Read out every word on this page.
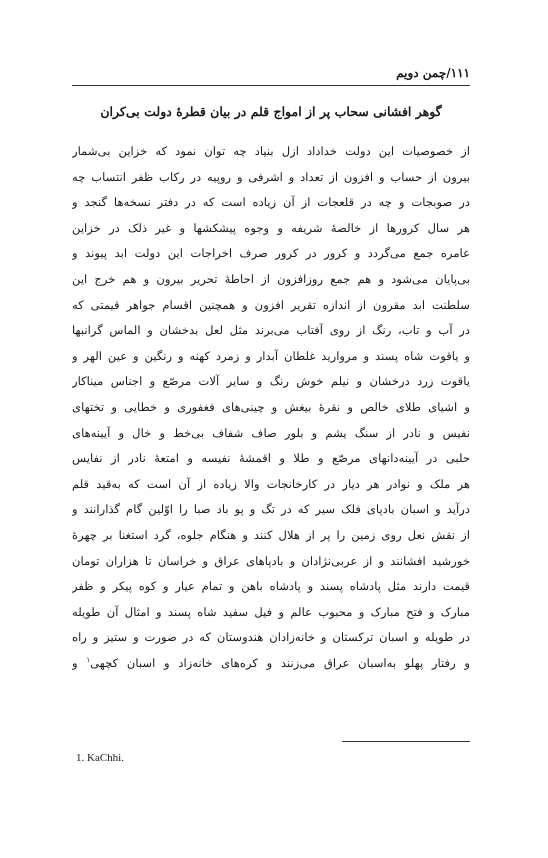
۱۱۱/چمن دویم
گوهر افشانی سحاب پر از امواج قلم در بیان قطرهٔ دولت بی‌کران
از خصوصیات این دولت خداداد ازل بنیاد چه توان نمود که خزاین بی‌شمار
بیرون از حساب و افزون از تعداد و اشرفی و روپیه در رکاب ظفر انتساب چه
در صوبجات و چه در قلعجات از آن زیاده است که در دفتر نسخه‌ها گنجد و
هر سال کرورها از خالصهٔ شریفه و وجوه پیشکشها و غیر ذلک در خزاین
عامره جمع می‌گردد و کرور در کرور صرف اخراجات این دولت ابد پیوند و
بی‌پایان می‌شود و هم جمع روزافزون از احاطهٔ تحریر بیرون و هم خرج این
سلطنت ابد مقرون از اندازه تقریر افزون و همچنین اقسام جواهر قیمتی که
در آب و تاب، رنگ از روی آفتاب می‌برند مثل لعل بدخشان و الماس گرانبها
و یاقوت شاه پسند و مروارید غلطان آبدار و زمرد کهنه و رنگین و عین الهر و
یاقوت زرد درخشان و نیلم خوش رنگ و سایر آلات مرصّع و اجناس میناکار
و اشیای طلای خالص و نقرهٔ بیغش و چینی‌های فغفوری و خطایی و تختهای
نفیس و نادر از سنگ یشم و بلور صاف شفاف بی‌خط و خال و آیینه‌های
حلبی در آیینه‌دانهای مرصّع و طلا و اقمشهٔ نفیسه و امتعهٔ نادر از نفایس
هر ملک و نوادر هر دیار در کارخانجات والا زیاده از آن است که به‌قید قلم
درآید و اسبان بادپای فلک سیر که در تگ و پو باد صبا را اوّلین گام گذارانند و
از نقش نعل روی زمین را پر از هلال کنند و هنگام جلوه، گرد استغنا بر چهرهٔ
خورشید افشانند و از عربی‌نژادان و بادپاهای عراق و خراسان تا هزاران تومان
قیمت دارند مثل پادشاه پسند و پادشاه باهن و تمام عیار و کوه پیکر و ظفر
مبارک و فتح مبارک و محبوب عالم و فیل سفید شاه پسند و امثال آن طویله
در طویله و اسبان ترکستان و خانه‌زادان هندوستان که در صورت و ستیز و راه
و رفتار پهلو به‌اسبان عراق می‌زنند و کره‌های خانه‌زاد و اسبان کچهی$^۱$ و
1. KaChhi.
